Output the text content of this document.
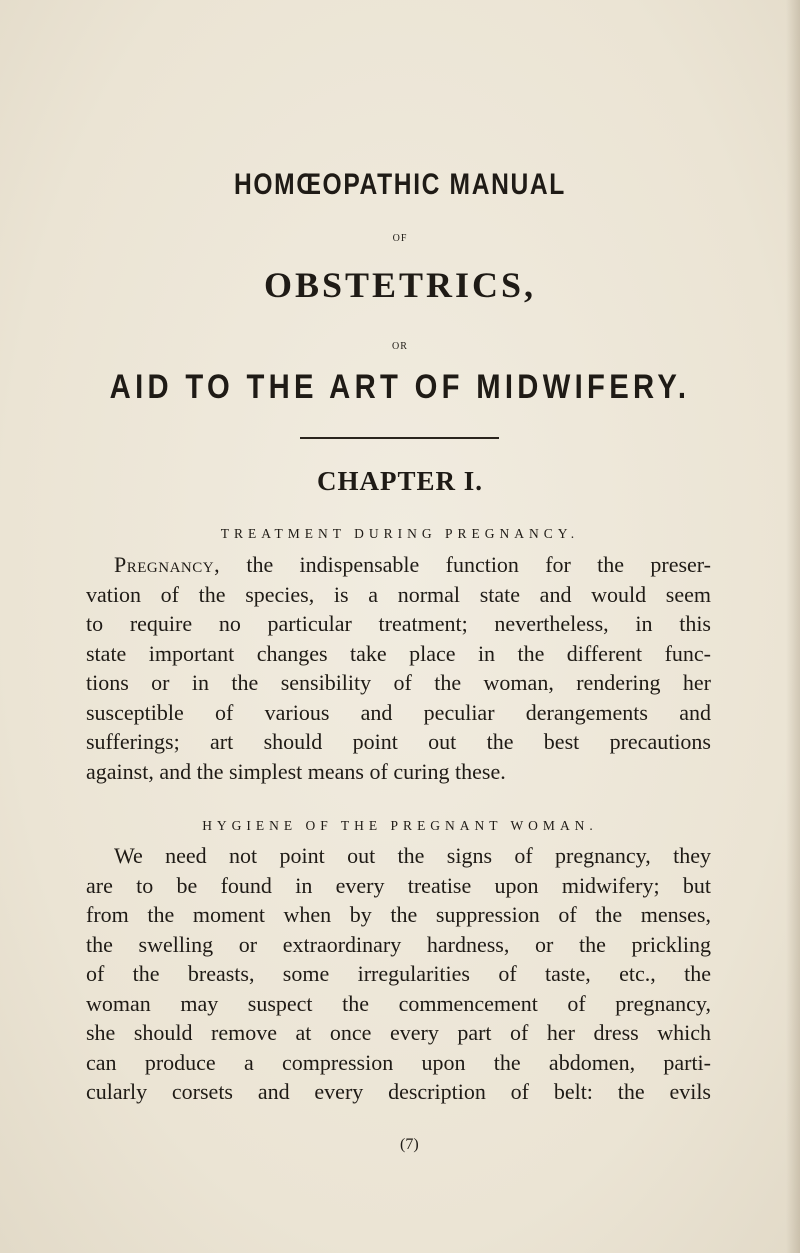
HOMŒOPATHIC MANUAL

OF

OBSTETRICS,

OR

AID TO THE ART OF MIDWIFERY.
CHAPTER I.

TREATMENT DURING PREGNANCY.

Pregnancy, the indispensable function for the preser-
vation of the species, is a normal state and would seem
to require no particular treatment; nevertheless, in this
state important changes take place in the different func-
tions or in the sensibility of the woman, rendering her
susceptible of various and peculiar derangements and
sufferings; art should point out the best precautions
against, and the simplest means of curing these.

HYGIENE OF THE PREGNANT WOMAN.

We need not point out the signs of pregnancy, they
are to be found in every treatise upon midwifery; but
from the moment when by the suppression of the menses,
the swelling or extraordinary hardness, or the prickling
of the breasts, some irregularities of taste, etc., the
woman may suspect the commencement of pregnancy,
she should remove at once every part of her dress which
can produce a compression upon the abdomen, parti-
cularly corsets and every description of belt: the evils

(7)
